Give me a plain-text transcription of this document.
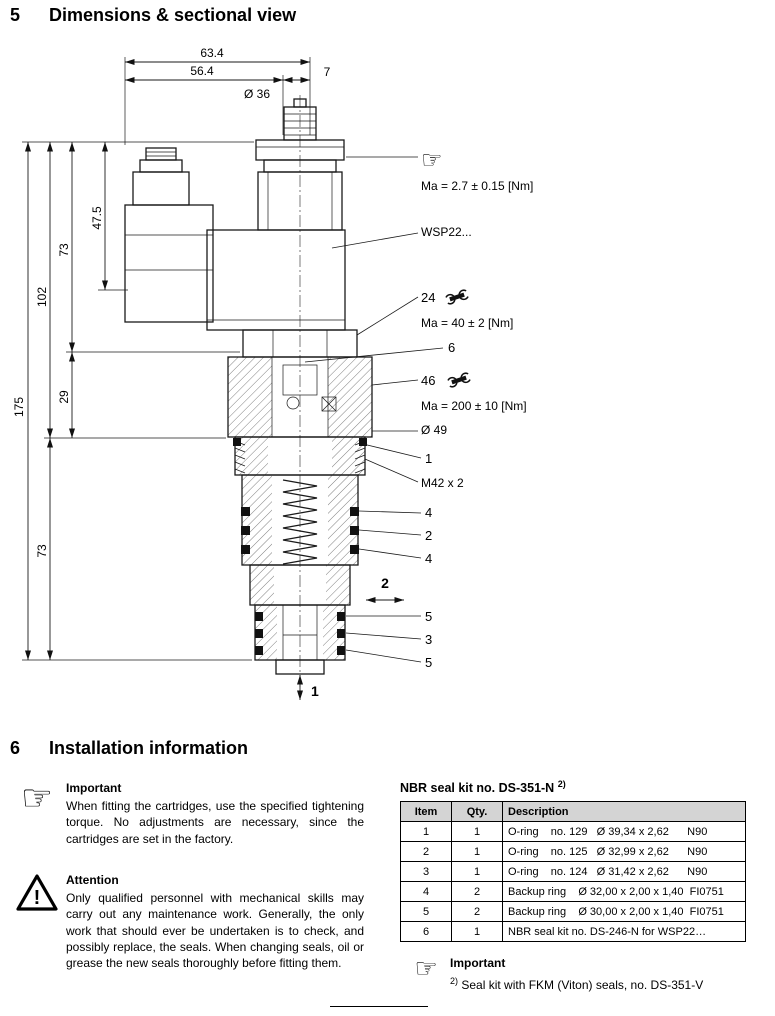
5 Dimensions & sectional view
63.4
56.4	7
Ø 36
175
102
73
29
73
47.5
☞
Ma = 2.7 ± 0.15 [Nm]
WSP22...
24
Ma = 40 ± 2 [Nm]
6
46
Ma = 200 ± 10 [Nm]
Ø 49
1
M42 x 2
4
2
4
5
3
5
2
1
6 Installation information
☞	Important

When fitting the cartridges, use the specified tightening torque. No adjustments are necessary, since the cartridges are set in the factory.

!
Attention

Only qualified personnel with mechanical skills may carry out any maintenance work. Generally, the only work that should ever be undertaken is to check, and possibly replace, the seals. When changing seals, oil or grease the new seals thoroughly before fitting them.

NBR seal kit no. DS-351-N $^{2)}$
Item	Qty.	Description
1	1	O-ring    no. 129   Ø 39,34 x 2,62      N90
2	1	O-ring    no. 125   Ø 32,99 x 2,62      N90
3	1	O-ring    no. 124   Ø 31,42 x 2,62      N90
4	2	Backup ring    Ø 32,00 x 2,00 x 1,40  FI0751
5	2	Backup ring    Ø 30,00 x 2,00 x 1,40  FI0751
6	1	NBR seal kit no. DS-246-N for WSP22…
☞	Important

$^{2)}$ Seal kit with FKM (Viton) seals, no. DS-351-V
